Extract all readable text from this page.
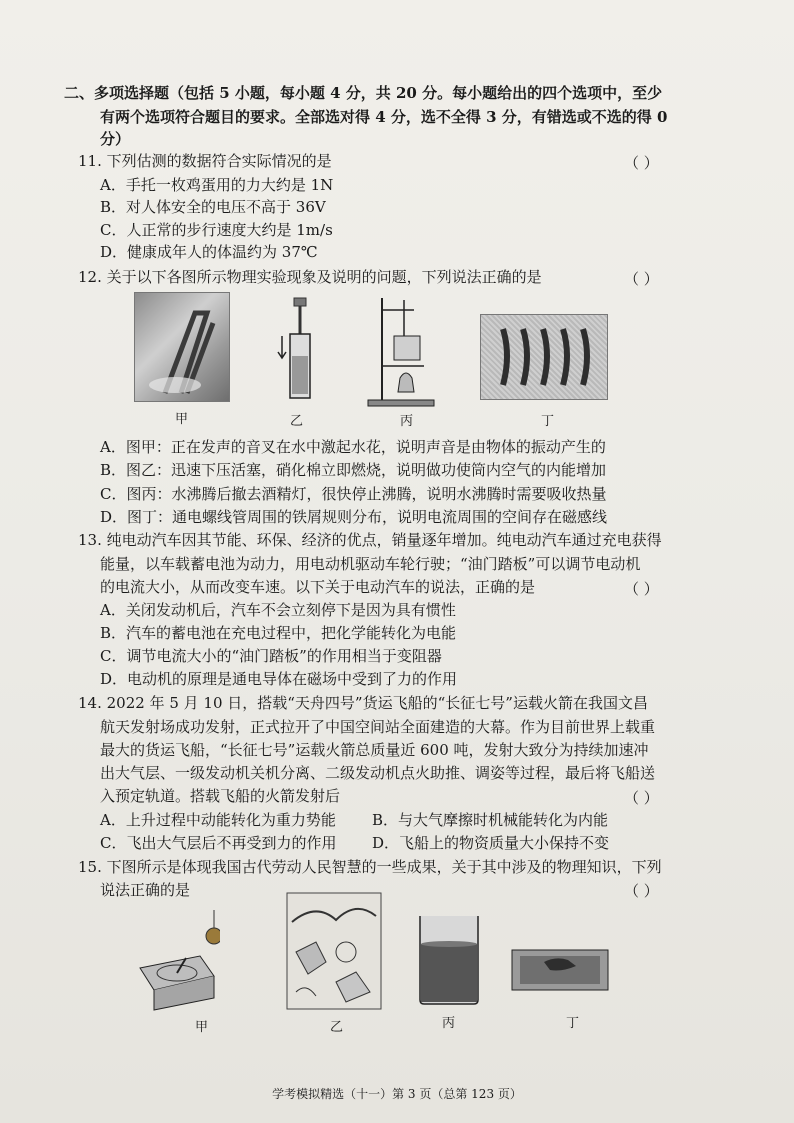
二、多项选择题（包括 5 小题，每小题 4 分，共 20 分。每小题给出的四个选项中，至少
有两个选项符合题目的要求。全部选对得 4 分，选不全得 3 分，有错选或不选的得 0
分）
11. 下列估测的数据符合实际情况的是	（ ）
A．手托一枚鸡蛋用的力大约是 1N
B．对人体安全的电压不高于 36V
C．人正常的步行速度大约是 1m/s
D．健康成年人的体温约为 37℃
12. 关于以下各图所示物理实验现象及说明的问题，下列说法正确的是	（ ）
甲	乙	丙	丁
A．图甲：正在发声的音叉在水中激起水花，说明声音是由物体的振动产生的
B．图乙：迅速下压活塞，硝化棉立即燃烧，说明做功使筒内空气的内能增加
C．图丙：水沸腾后撤去酒精灯，很快停止沸腾，说明水沸腾时需要吸收热量
D．图丁：通电螺线管周围的铁屑规则分布，说明电流周围的空间存在磁感线
13. 纯电动汽车因其节能、环保、经济的优点，销量逐年增加。纯电动汽车通过充电获得
能量，以车载蓄电池为动力，用电动机驱动车轮行驶；“油门踏板”可以调节电动机
的电流大小，从而改变车速。以下关于电动汽车的说法，正确的是	（ ）
A．关闭发动机后，汽车不会立刻停下是因为具有惯性
B．汽车的蓄电池在充电过程中，把化学能转化为电能
C．调节电流大小的“油门踏板”的作用相当于变阻器
D．电动机的原理是通电导体在磁场中受到了力的作用
14. 2022 年 5 月 10 日，搭载“天舟四号”货运飞船的“长征七号”运载火箭在我国文昌
航天发射场成功发射，正式拉开了中国空间站全面建造的大幕。作为目前世界上载重
最大的货运飞船，“长征七号”运载火箭总质量近 600 吨，发射大致分为持续加速冲
出大气层、一级发动机关机分离、二级发动机点火助推、调姿等过程，最后将飞船送
入预定轨道。搭载飞船的火箭发射后	（ ）
A．上升过程中动能转化为重力势能 B．与大气摩擦时机械能转化为内能
C．飞出大气层后不再受到力的作用 D．飞船上的物资质量大小保持不变
15. 下图所示是体现我国古代劳动人民智慧的一些成果，关于其中涉及的物理知识，下列
说法正确的是	（ ）
甲	乙	丙	丁
学考模拟精选（十一）第 3 页（总第 123 页）
